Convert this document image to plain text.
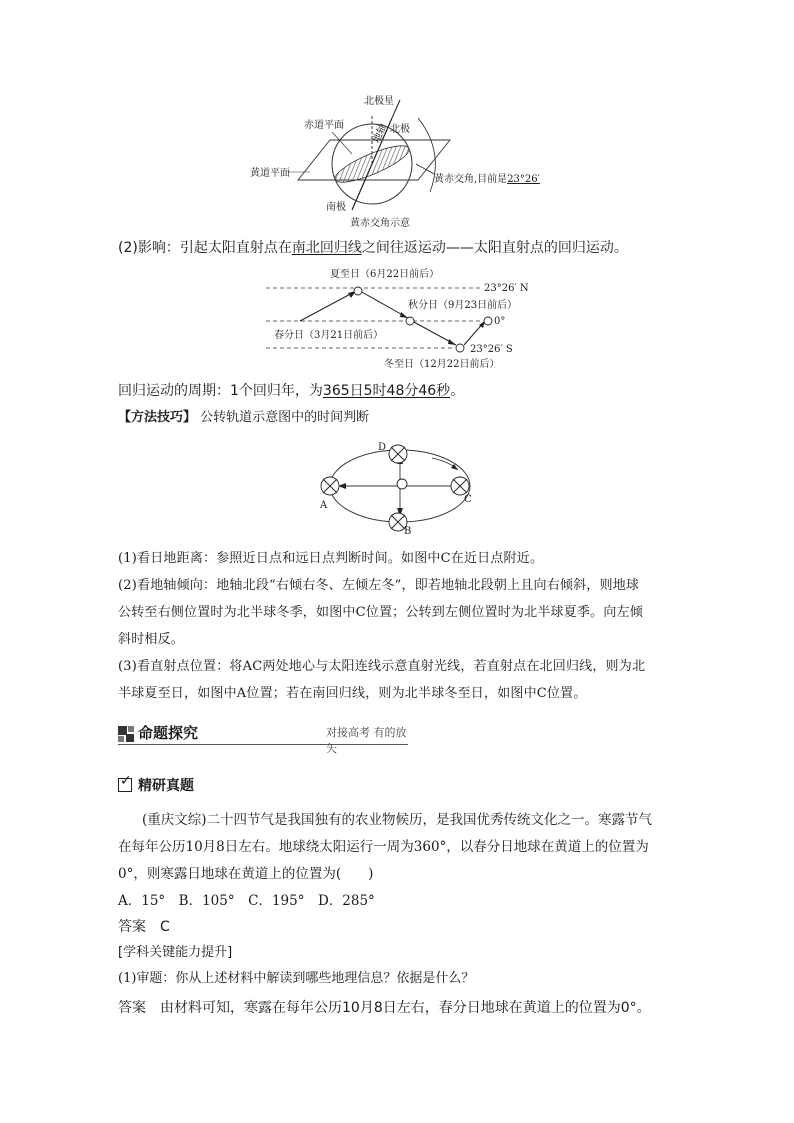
北极星
北极
赤道平面
黄道平面
地轴
南极
黄赤交角,目前是23°26′
黄赤交角示意
(2)影响：引起太阳直射点在南北回归线之间往返运动——太阳直射点的回归运动。
夏至日（6月22日前后）
秋分日（9月23日前后）
春分日（3月21日前后）
冬至日（12月22日前后）
23°26′ N
0°
23°26′ S
回归运动的周期：1个回归年，为365日5时48分46秒。
【方法技巧】 公转轨道示意图中的时间判断
A
B
C
D
(1)看日地距离：参照近日点和远日点判断时间。如图中C在近日点附近。
(2)看地轴倾向：地轴北段“右倾右冬、左倾左冬”，即若地轴北段朝上且向右倾斜，则地球
公转至右侧位置时为北半球冬季，如图中C位置；公转到左侧位置时为北半球夏季。向左倾
斜时相反。
(3)看直射点位置：将AC两处地心与太阳连线示意直射光线，若直射点在北回归线，则为北
半球夏至日，如图中A位置；若在南回归线，则为北半球冬至日，如图中C位置。
命题探究	对接高考 有的放矢
✓ 精研真题
(重庆文综)二十四节气是我国独有的农业物候历，是我国优秀传统文化之一。寒露节气
在每年公历10月8日左右。地球绕太阳运行一周为360°，以春分日地球在黄道上的位置为
0°，则寒露日地球在黄道上的位置为(　　)
A．15°　B．105°　C．195°　D．285°
答案　C
[学科关键能力提升]
(1)审题：你从上述材料中解读到哪些地理信息？依据是什么？
答案　由材料可知，寒露在每年公历10月8日左右，春分日地球在黄道上的位置为0°。
